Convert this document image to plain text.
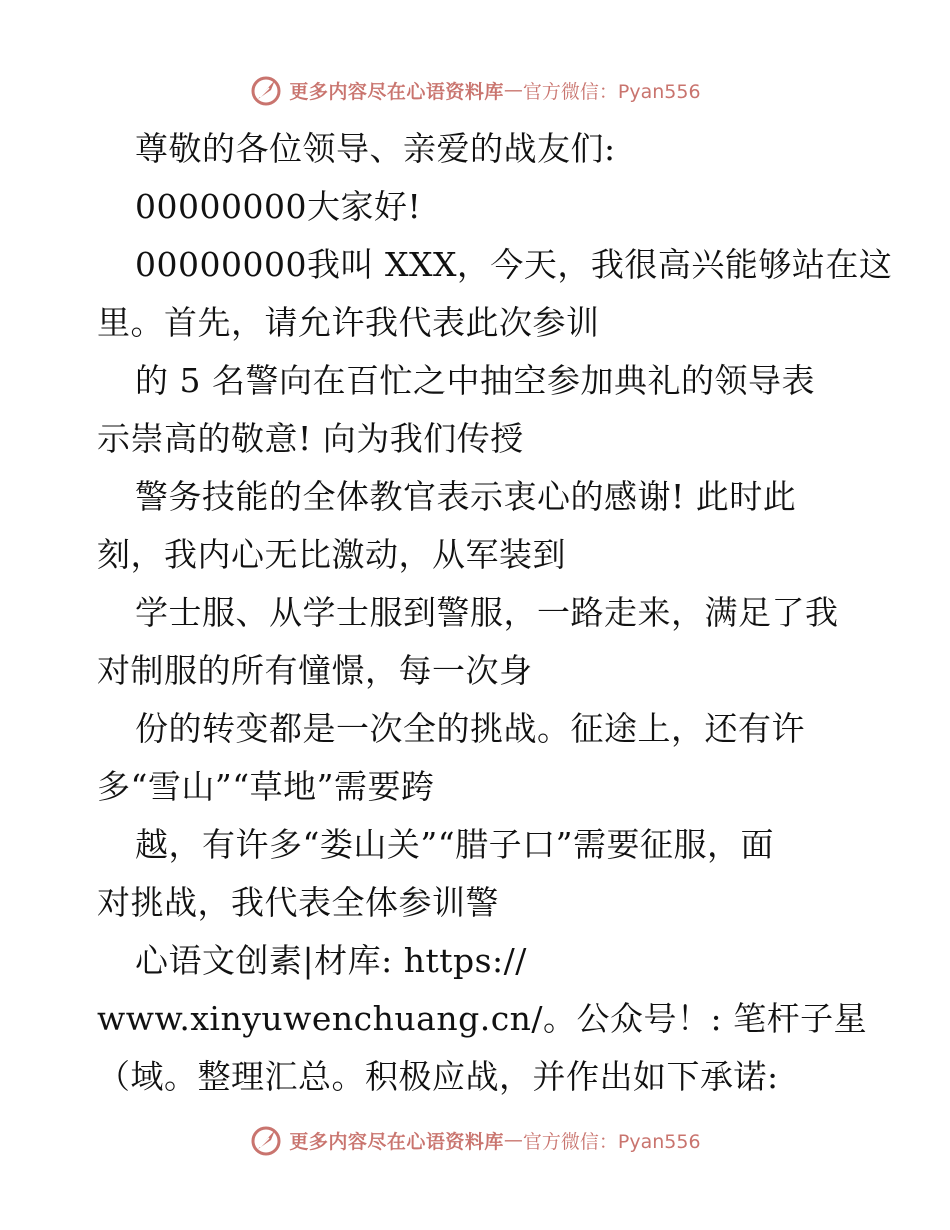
更多内容尽在心语资料库 — 官方微信：Pyan556
尊敬的各位领导、亲爱的战友们:
00000000大家好!
00000000我叫 XXX，今天，我很高兴能够站在这
里。首先，请允许我代表此次参训
的 5 名警向在百忙之中抽空参加典礼的领导表
示崇高的敬意! 向为我们传授
警务技能的全体教官表示衷心的感谢! 此时此
刻，我内心无比激动，从军装到
学士服、从学士服到警服，一路走来，满足了我
对制服的所有憧憬，每一次身
份的转变都是一次全的挑战。征途上，还有许
多“雪山”“草地”需要跨
越，有许多“娄山关”“腊子口”需要征服，面
对挑战，我代表全体参训警
心语文创素|材库: https://
www.xinyuwenchuang.cn/。公众号！: 笔杆子星
（域。整理汇总。积极应战，并作出如下承诺:
更多内容尽在心语资料库 — 官方微信：Pyan556
